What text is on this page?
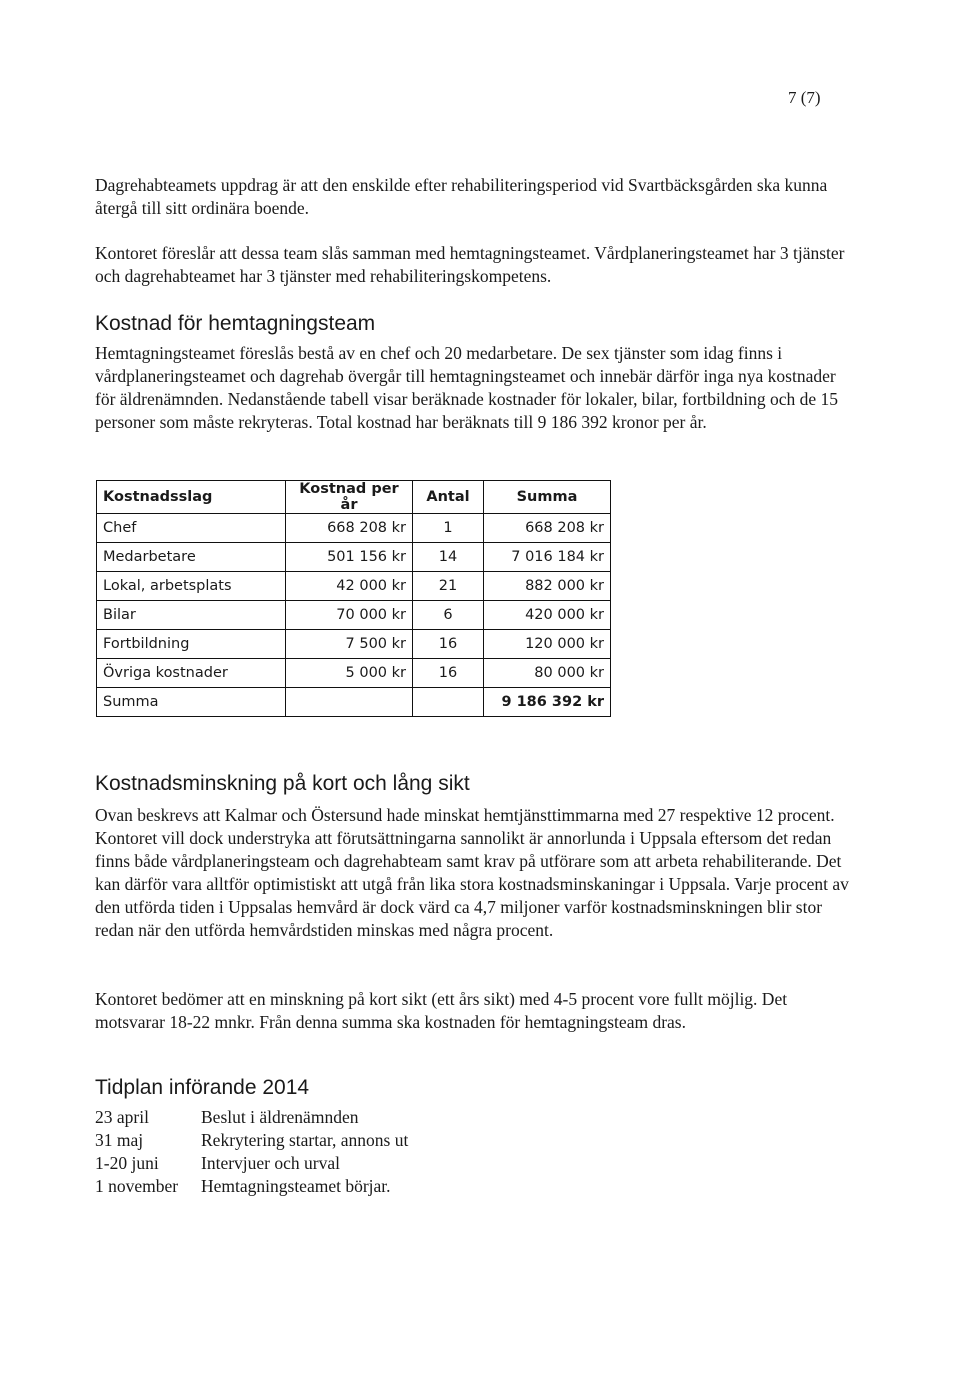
7 (7)

Dagrehabteamets uppdrag är att den enskilde efter rehabiliteringsperiod vid Svartbäcksgården ska kunna återgå till sitt ordinära boende.

Kontoret föreslår att dessa team slås samman med hemtagningsteamet. Vårdplaneringsteamet har 3 tjänster och dagrehabteamet har 3 tjänster med rehabiliteringskompetens.

Kostnad för hemtagningsteam

Hemtagningsteamet föreslås bestå av en chef och 20 medarbetare. De sex tjänster som idag finns i vårdplaneringsteamet och dagrehab övergår till hemtagningsteamet och innebär därför inga nya kostnader för äldrenämnden. Nedanstående tabell visar beräknade kostnader för lokaler, bilar, fortbildning och de 15 personer som måste rekryteras. Total kostnad har beräknats till 9 186 392 kronor per år.

Kostnadsslag	Kostnad per år	Antal	Summa
Chef	668 208 kr	1	668 208 kr
Medarbetare	501 156 kr	14	7 016 184 kr
Lokal, arbetsplats	42 000 kr	21	882 000 kr
Bilar	70 000 kr	6	420 000 kr
Fortbildning	7 500 kr	16	120 000 kr
Övriga kostnader	5 000 kr	16	80 000 kr
Summa			9 186 392 kr
Kostnadsminskning på kort och lång sikt

Ovan beskrevs att Kalmar och Östersund hade minskat hemtjänsttimmarna med 27 respektive 12 procent. Kontoret vill dock understryka att förutsättningarna sannolikt är annorlunda i Uppsala eftersom det redan finns både vårdplaneringsteam och dagrehabteam samt krav på utförare som att arbeta rehabiliterande. Det kan därför vara alltför optimistiskt att utgå från lika stora kostnadsminskaningar i Uppsala. Varje procent av den utförda tiden i Uppsalas hemvård är dock värd ca 4,7 miljoner varför kostnadsminskningen blir stor redan när den utförda hemvårdstiden minskas med några procent.

Kontoret bedömer att en minskning på kort sikt (ett års sikt) med 4-5 procent vore fullt möjlig. Det motsvarar 18-22 mnkr. Från denna summa ska kostnaden för hemtagningsteam dras.

Tidplan införande 2014
23 april	Beslut i äldrenämnden
31 maj	Rekrytering startar, annons ut
1-20 juni	Intervjuer och urval
1 november	Hemtagningsteamet börjar.
